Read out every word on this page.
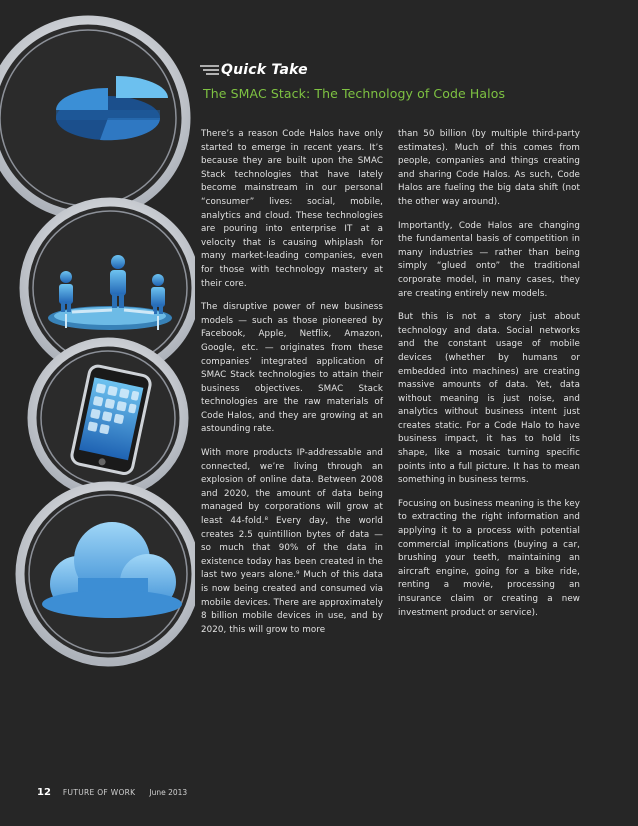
Quick Take
The SMAC Stack: The Technology of Code Halos

There’s a reason Code Halos have only started to emerge in recent years. It’s because they are built upon the SMAC Stack technologies that have lately become mainstream in our personal “consumer” lives: social, mobile, analytics and cloud. These technologies are pouring into enterprise IT at a velocity that is causing whiplash for many market-leading companies, even for those with technology mastery at their core.

The disruptive power of new business models — such as those pioneered by Facebook, Apple, Netflix, Amazon, Google, etc. — originates from these companies’ integrated application of SMAC Stack technologies to attain their business objectives. SMAC Stack technologies are the raw materials of Code Halos, and they are growing at an astounding rate.

With more products IP-addressable and connected, we’re living through an explosion of online data. Between 2008 and 2020, the amount of data being managed by corporations will grow at least 44-fold.⁸ Every day, the world creates 2.5 quintillion bytes of data — so much that 90% of the data in existence today has been created in the last two years alone.⁹ Much of this data is now being created and consumed via mobile devices. There are approximately 8 billion mobile devices in use, and by 2020, this will grow to more

than 50 billion (by multiple third-party estimates). Much of this comes from people, companies and things creating and sharing Code Halos. As such, Code Halos are fueling the big data shift (not the other way around).

Importantly, Code Halos are changing the fundamental basis of competition in many industries — rather than being simply “glued onto” the traditional corporate model, in many cases, they are creating entirely new models.

But this is not a story just about technology and data. Social networks and the constant usage of mobile devices (whether by humans or embedded into machines) are creating massive amounts of data. Yet, data without meaning is just noise, and analytics without business intent just creates static. For a Code Halo to have business impact, it has to hold its shape, like a mosaic turning specific points into a full picture. It has to mean something in business terms.

Focusing on business meaning is the key to extracting the right information and applying it to a process with potential commercial implications (buying a car, brushing your teeth, maintaining an aircraft engine, going for a bike ride, renting a movie, processing an insurance claim or creating a new investment product or service).

12 FUTURE OF WORK June 2013
